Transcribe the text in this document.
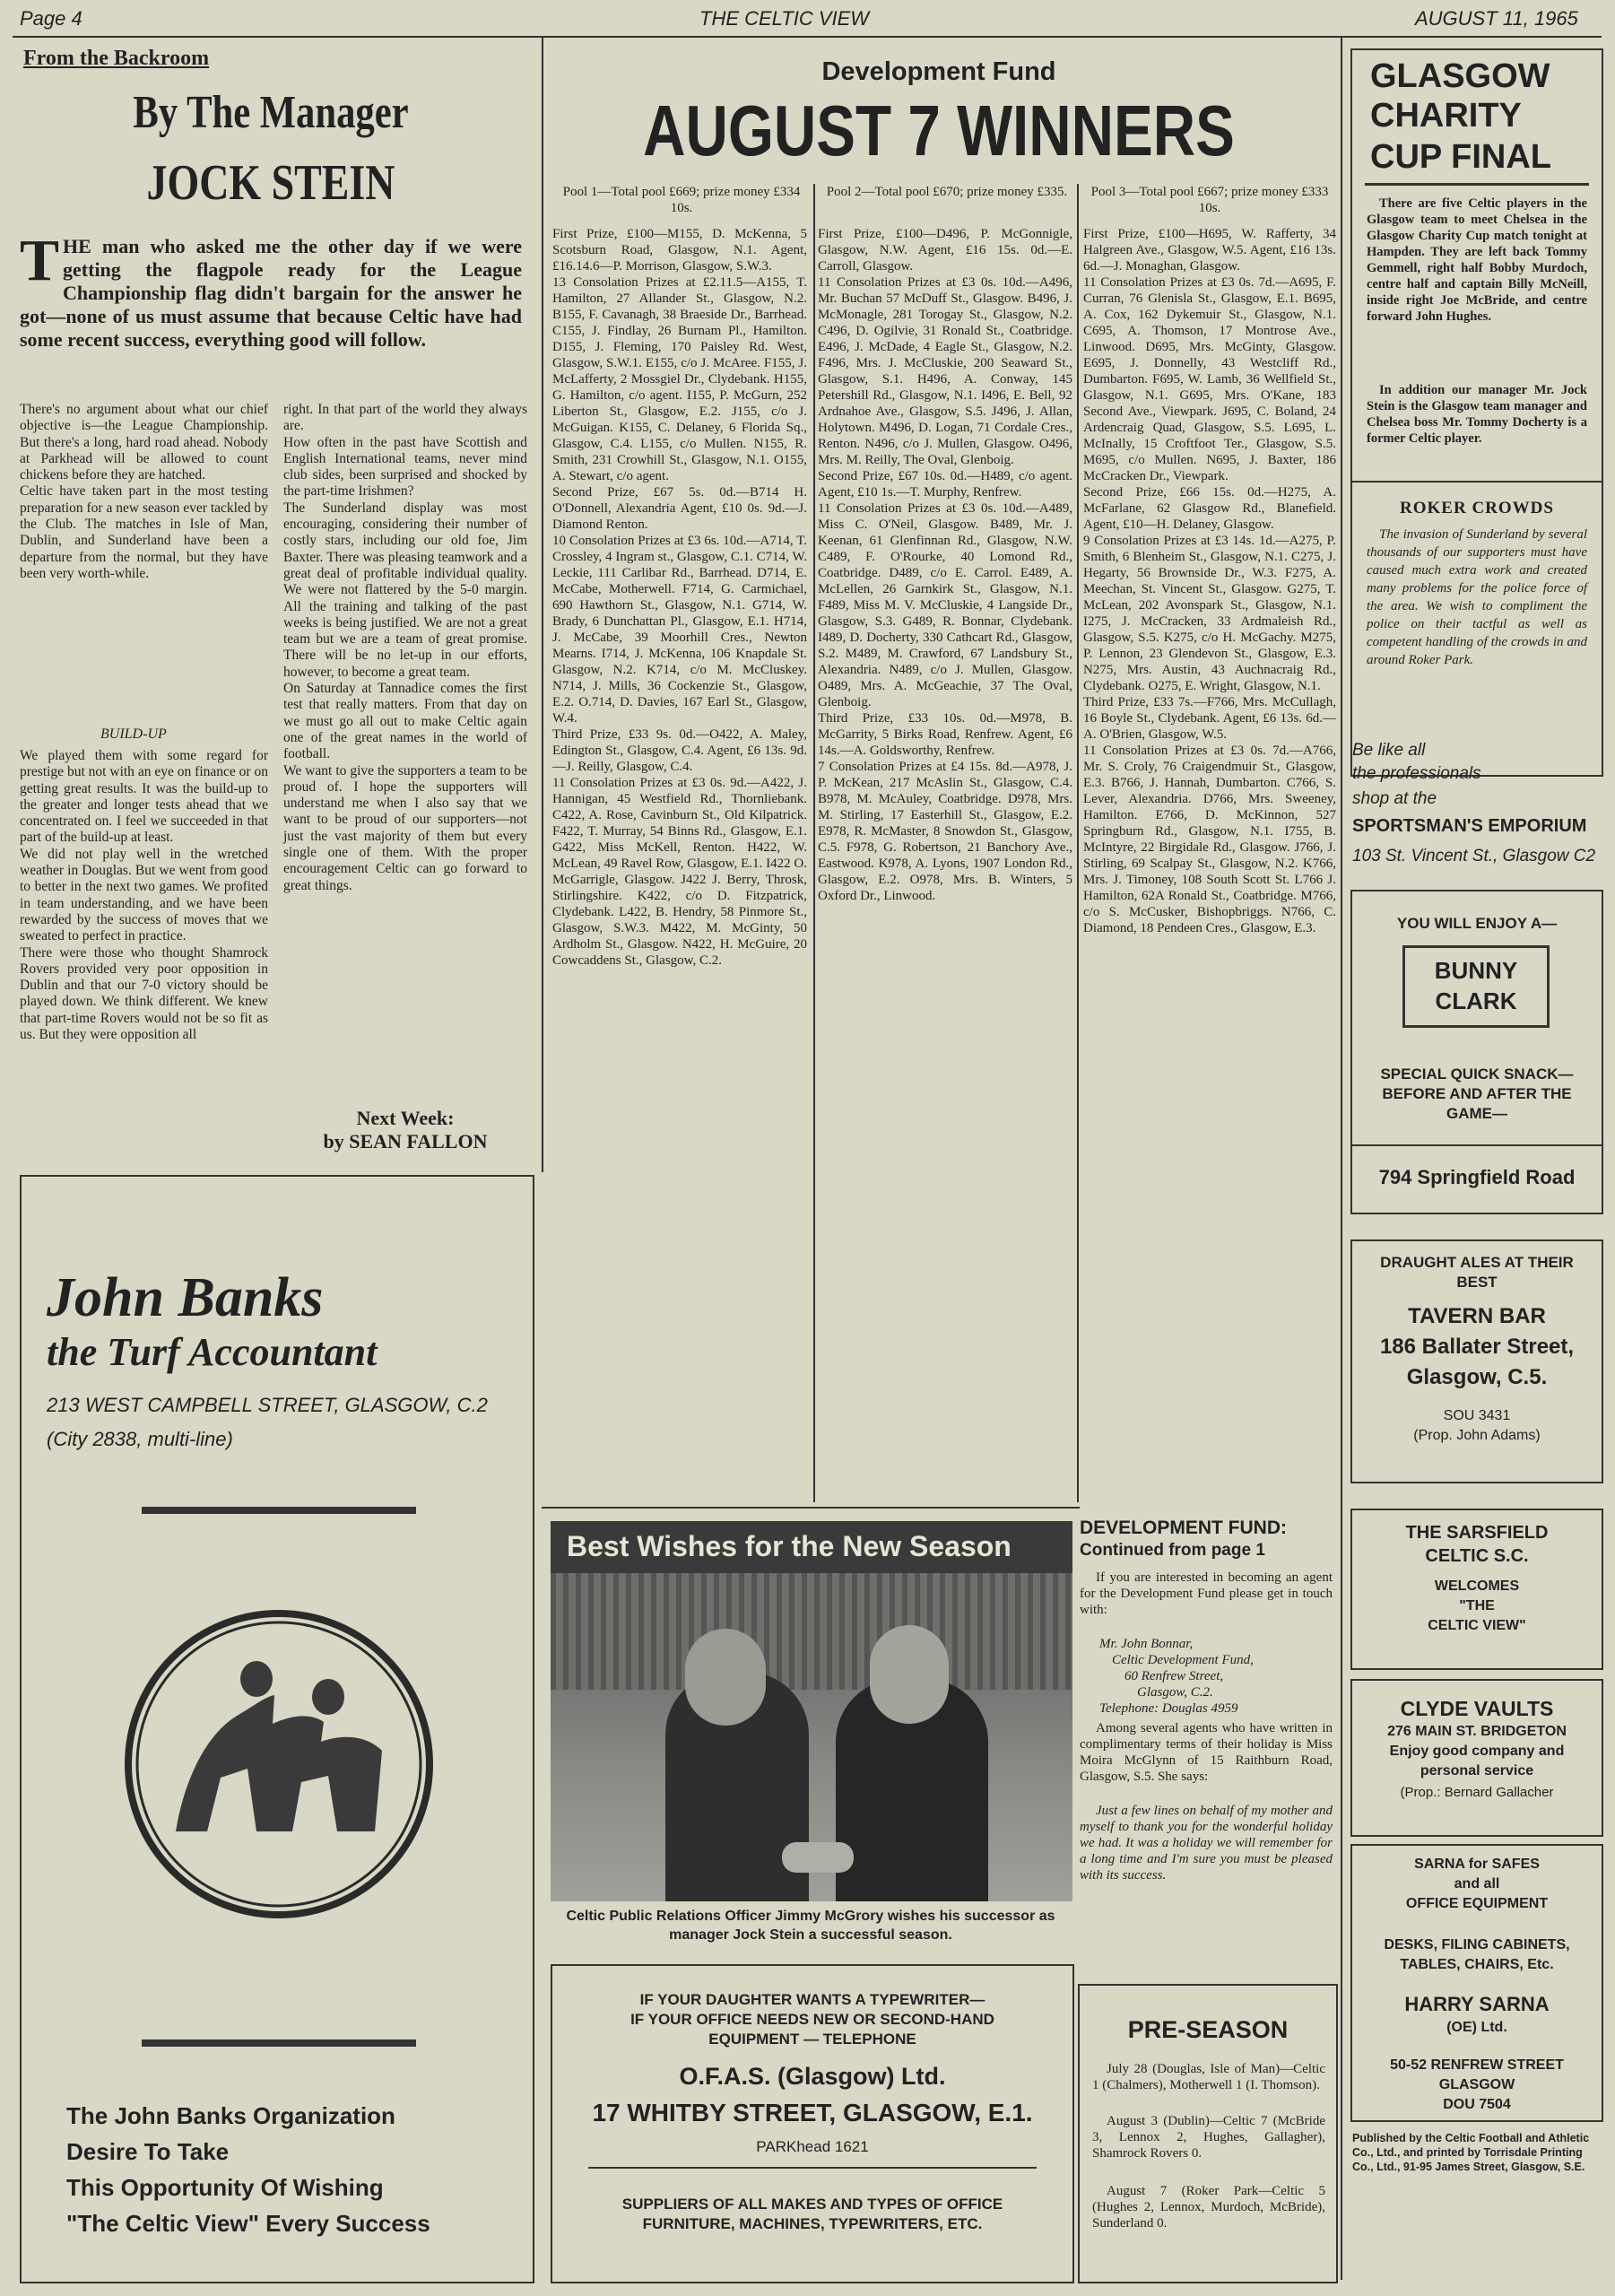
Page 4	THE CELTIC VIEW	AUGUST 11, 1965
From the Backroom
By The Manager
JOCK STEIN
THE man who asked me the other day if we were getting the flagpole ready for the League Championship flag didn't bargain for the answer he got—none of us must assume that because Celtic have had some recent success, everything good will follow.
There's no argument about what our chief objective is—the League Championship. But there's a long, hard road ahead. Nobody at Parkhead will be allowed to count chickens before they are hatched.
Celtic have taken part in the most testing preparation for a new season ever tackled by the Club. The matches in Isle of Man, Dublin, and Sunderland have been a departure from the normal, but they have been very worth-while.
BUILD-UP
We played them with some regard for prestige but not with an eye on finance or on getting great results. It was the build-up to the greater and longer tests ahead that we concentrated on. I feel we succeeded in that part of the build-up at least.
We did not play well in the wretched weather in Douglas. But we went from good to better in the next two games. We profited in team understanding, and we have been rewarded by the success of moves that we sweated to perfect in practice.
There were those who thought Shamrock Rovers provided very poor opposition in Dublin and that our 7-0 victory should be played down. We think different. We knew that part-time Rovers would not be so fit as us. But they were opposition all
right. In that part of the world they always are.
How often in the past have Scottish and English International teams, never mind club sides, been surprised and shocked by the part-time Irishmen?
The Sunderland display was most encouraging, considering their number of costly stars, including our old foe, Jim Baxter. There was pleasing teamwork and a great deal of profitable individual quality. We were not flattered by the 5-0 margin. All the training and talking of the past weeks is being justified. We are not a great team but we are a team of great promise. There will be no let-up in our efforts, however, to become a great team.
On Saturday at Tannadice comes the first test that really matters. From that day on we must go all out to make Celtic again one of the great names in the world of football.
We want to give the supporters a team to be proud of. I hope the supporters will understand me when I also say that we want to be proud of our supporters—not just the vast majority of them but every single one of them. With the proper encouragement Celtic can go forward to great things.
Next Week:
by SEAN FALLON
John Banks
the Turf Accountant
213 WEST CAMPBELL STREET, GLASGOW, C.2
(City 2838, multi-line)
The John Banks Organization
Desire To Take
This Opportunity Of Wishing
"The Celtic View" Every Success
Development Fund
AUGUST 7 WINNERS
Pool 1—Total pool £669; prize money £334 10s.
Pool 2—Total pool £670; prize money £335.	Pool 3—Total pool £667; prize money £333 10s.
First Prize, £100—M155, D. McKenna, 5 Scotsburn Road, Glasgow, N.1. Agent, £16.14.6—P. Morrison, Glasgow, S.W.3.
13 Consolation Prizes at £2.11.5—A155, T. Hamilton, 27 Allander St., Glasgow, N.2. B155, F. Cavanagh, 38 Braeside Dr., Barrhead. C155, J. Findlay, 26 Burnam Pl., Hamilton. D155, J. Fleming, 170 Paisley Rd. West, Glasgow, S.W.1. E155, c/o J. McAree. F155, J. McLafferty, 2 Mossgiel Dr., Clydebank. H155, G. Hamilton, c/o agent. I155, P. McGurn, 252 Liberton St., Glasgow, E.2. J155, c/o J. McGuigan. K155, C. Delaney, 6 Florida Sq., Glasgow, C.4. L155, c/o Mullen. N155, R. Smith, 231 Crowhill St., Glasgow, N.1. O155, A. Stewart, c/o agent.
Second Prize, £67 5s. 0d.—B714 H. O'Donnell, Alexandria Agent, £10 0s. 9d.—J. Diamond Renton.
10 Consolation Prizes at £3 6s. 10d.—A714, T. Crossley, 4 Ingram st., Glasgow, C.1. C714, W. Leckie, 111 Carlibar Rd., Barrhead. D714, E. McCabe, Motherwell. F714, G. Carmichael, 690 Hawthorn St., Glasgow, N.1. G714, W. Brady, 6 Dunchattan Pl., Glasgow, E.1. H714, J. McCabe, 39 Moorhill Cres., Newton Mearns. I714, J. McKenna, 106 Knapdale St. Glasgow, N.2. K714, c/o M. McCluskey. N714, J. Mills, 36 Cockenzie St., Glasgow, E.2. O.714, D. Davies, 167 Earl St., Glasgow, W.4.
Third Prize, £33 9s. 0d.—O422, A. Maley, Edington St., Glasgow, C.4. Agent, £6 13s. 9d.—J. Reilly, Glasgow, C.4.
11 Consolation Prizes at £3 0s. 9d.—A422, J. Hannigan, 45 Westfield Rd., Thornliebank. C422, A. Rose, Cavinburn St., Old Kilpatrick. F422, T. Murray, 54 Binns Rd., Glasgow, E.1. G422, Miss McKell, Renton. H422, W. McLean, 49 Ravel Row, Glasgow, E.1. I422 O. McGarrigle, Glasgow. J422 J. Berry, Throsk, Stirlingshire. K422, c/o D. Fitzpatrick, Clydebank. L422, B. Hendry, 58 Pinmore St., Glasgow, S.W.3. M422, M. McGinty, 50 Ardholm St., Glasgow. N422, H. McGuire, 20 Cowcaddens St., Glasgow, C.2.
First Prize, £100—D496, P. McGonnigle, Glasgow, N.W. Agent, £16 15s. 0d.—E. Carroll, Glasgow.
11 Consolation Prizes at £3 0s. 10d.—A496, Mr. Buchan 57 McDuff St., Glasgow. B496, J. McMonagle, 281 Torogay St., Glasgow, N.2. C496, D. Ogilvie, 31 Ronald St., Coatbridge. E496, J. McDade, 4 Eagle St., Glasgow, N.2. F496, Mrs. J. McCluskie, 200 Seaward St., Glasgow, S.1. H496, A. Conway, 145 Petershill Rd., Glasgow, N.1. I496, E. Bell, 92 Ardnahoe Ave., Glasgow, S.5. J496, J. Allan, Holytown. M496, D. Logan, 71 Cordale Cres., Renton. N496, c/o J. Mullen, Glasgow. O496, Mrs. M. Reilly, The Oval, Glenboig.
Second Prize, £67 10s. 0d.—H489, c/o agent. Agent, £10 1s.—T. Murphy, Renfrew.
11 Consolation Prizes at £3 0s. 10d.—A489, Miss C. O'Neil, Glasgow. B489, Mr. J. Keenan, 61 Glenfinnan Rd., Glasgow, N.W. C489, F. O'Rourke, 40 Lomond Rd., Coatbridge. D489, c/o E. Carrol. E489, A. McLellen, 26 Garnkirk St., Glasgow, N.1. F489, Miss M. V. McCluskie, 4 Langside Dr., Glasgow, S.3. G489, R. Bonnar, Clydebank. I489, D. Docherty, 330 Cathcart Rd., Glasgow, S.2. M489, M. Crawford, 67 Landsbury St., Alexandria. N489, c/o J. Mullen, Glasgow. O489, Mrs. A. McGeachie, 37 The Oval, Glenboig.
Third Prize, £33 10s. 0d.—M978, B. McGarrity, 5 Birks Road, Renfrew. Agent, £6 14s.—A. Goldsworthy, Renfrew.
7 Consolation Prizes at £4 15s. 8d.—A978, J. P. McKean, 217 McAslin St., Glasgow, C.4. B978, M. McAuley, Coatbridge. D978, Mrs. M. Stirling, 17 Easterhill St., Glasgow, E.2. E978, R. McMaster, 8 Snowdon St., Glasgow, C.5. F978, G. Robertson, 21 Banchory Ave., Eastwood. K978, A. Lyons, 1907 London Rd., Glasgow, E.2. O978, Mrs. B. Winters, 5 Oxford Dr., Linwood.
First Prize, £100—H695, W. Rafferty, 34 Halgreen Ave., Glasgow, W.5. Agent, £16 13s. 6d.—J. Monaghan, Glasgow.
11 Consolation Prizes at £3 0s. 7d.—A695, F. Curran, 76 Glenisla St., Glasgow, E.1. B695, A. Cox, 162 Dykemuir St., Glasgow, N.1. C695, A. Thomson, 17 Montrose Ave., Linwood. D695, Mrs. McGinty, Glasgow. E695, J. Donnelly, 43 Westcliff Rd., Dumbarton. F695, W. Lamb, 36 Wellfield St., Glasgow, N.1. G695, Mrs. O'Kane, 183 Second Ave., Viewpark. J695, C. Boland, 24 Ardencraig Quad, Glasgow, S.5. L695, L. McInally, 15 Croftfoot Ter., Glasgow, S.5. M695, c/o Mullen. N695, J. Baxter, 186 McCracken Dr., Viewpark.
Second Prize, £66 15s. 0d.—H275, A. McFarlane, 62 Glasgow Rd., Blanefield. Agent, £10—H. Delaney, Glasgow.
9 Consolation Prizes at £3 14s. 1d.—A275, P. Smith, 6 Blenheim St., Glasgow, N.1. C275, J. Hegarty, 56 Brownside Dr., W.3. F275, A. Meechan, St. Vincent St., Glasgow. G275, T. McLean, 202 Avonspark St., Glasgow, N.1. I275, J. McCracken, 33 Ardmaleish Rd., Glasgow, S.5. K275, c/o H. McGachy. M275, P. Lennon, 23 Glendevon St., Glasgow, E.3. N275, Mrs. Austin, 43 Auchnacraig Rd., Clydebank. O275, E. Wright, Glasgow, N.1.
Third Prize, £33 7s.—F766, Mrs. McCullagh, 16 Boyle St., Clydebank. Agent, £6 13s. 6d.—A. O'Brien, Glasgow, W.5.
11 Consolation Prizes at £3 0s. 7d.—A766, Mr. S. Croly, 76 Craigendmuir St., Glasgow, E.3. B766, J. Hannah, Dumbarton. C766, S. Lever, Alexandria. D766, Mrs. Sweeney, Hamilton. E766, D. McKinnon, 527 Springburn Rd., Glasgow, N.1. I755, B. McIntyre, 22 Birgidale Rd., Glasgow. J766, J. Stirling, 69 Scalpay St., Glasgow, N.2. K766, Mrs. J. Timoney, 108 South Scott St. L766 J. Hamilton, 62A Ronald St., Coatbridge. M766, c/o S. McCusker, Bishopbriggs. N766, C. Diamond, 18 Pendeen Cres., Glasgow, E.3.
Best Wishes for the New Season
Celtic Public Relations Officer Jimmy McGrory wishes his successor as manager Jock Stein a successful season.
IF YOUR DAUGHTER WANTS A TYPEWRITER—
IF YOUR OFFICE NEEDS NEW OR SECOND-HAND
EQUIPMENT — TELEPHONE
O.F.A.S. (Glasgow) Ltd.
17 WHITBY STREET, GLASGOW, E.1.
PARKhead 1621
SUPPLIERS OF ALL MAKES AND TYPES OF OFFICE
FURNITURE, MACHINES, TYPEWRITERS, ETC.
DEVELOPMENT FUND:
Continued from page 1
If you are interested in becoming an agent for the Development Fund please get in touch with:
Mr. John Bonnar,
Celtic Development Fund,
60 Renfrew Street,
Glasgow, C.2.
Telephone: Douglas 4959
Among several agents who have written in complimentary terms of their holiday is Miss Moira McGlynn of 15 Raithburn Road, Glasgow, S.5. She says:
Just a few lines on behalf of my mother and myself to thank you for the wonderful holiday we had. It was a holiday we will remember for a long time and I'm sure you must be pleased with its success.
PRE-SEASON
July 28 (Douglas, Isle of Man)—Celtic 1 (Chalmers), Motherwell 1 (I. Thomson).
August 3 (Dublin)—Celtic 7 (McBride 3, Lennox 2, Hughes, Gallagher), Shamrock Rovers 0.
August 7 (Roker Park—Celtic 5 (Hughes 2, Lennox, Murdoch, McBride), Sunderland 0.
GLASGOW
CHARITY
CUP FINAL
There are five Celtic players in the Glasgow team to meet Chelsea in the Glasgow Charity Cup match tonight at Hampden. They are left back Tommy Gemmell, right half Bobby Murdoch, centre half and captain Billy McNeill, inside right Joe McBride, and centre forward John Hughes.
In addition our manager Mr. Jock Stein is the Glasgow team manager and Chelsea boss Mr. Tommy Docherty is a former Celtic player.
ROKER CROWDS
The invasion of Sunderland by several thousands of our supporters must have caused much extra work and created many problems for the police force of the area. We wish to compliment the police on their tactful as well as competent handling of the crowds in and around Roker Park.
Be like all
the professionals
shop at the
SPORTSMAN'S EMPORIUM
103 St. Vincent St., Glasgow C2
YOU WILL ENJOY A—
BUNNY
CLARK
SPECIAL QUICK SNACK—
BEFORE AND AFTER THE
GAME—
794 Springfield Road
DRAUGHT ALES AT THEIR
BEST
TAVERN BAR
186 Ballater Street,
Glasgow, C.5.
SOU 3431
(Prop. John Adams)
THE SARSFIELD
CELTIC S.C.
WELCOMES
"THE
CELTIC VIEW"
CLYDE VAULTS
276 MAIN ST. BRIDGETON
Enjoy good company and
personal service
(Prop.: Bernard Gallacher
SARNA for SAFES
and all
OFFICE EQUIPMENT
DESKS, FILING CABINETS,
TABLES, CHAIRS, Etc.
HARRY SARNA
(OE) Ltd.
50-52 RENFREW STREET
GLASGOW
DOU 7504
Published by the Celtic Football and Athletic Co., Ltd., and printed by Torrisdale Printing Co., Ltd., 91-95 James Street, Glasgow, S.E.
